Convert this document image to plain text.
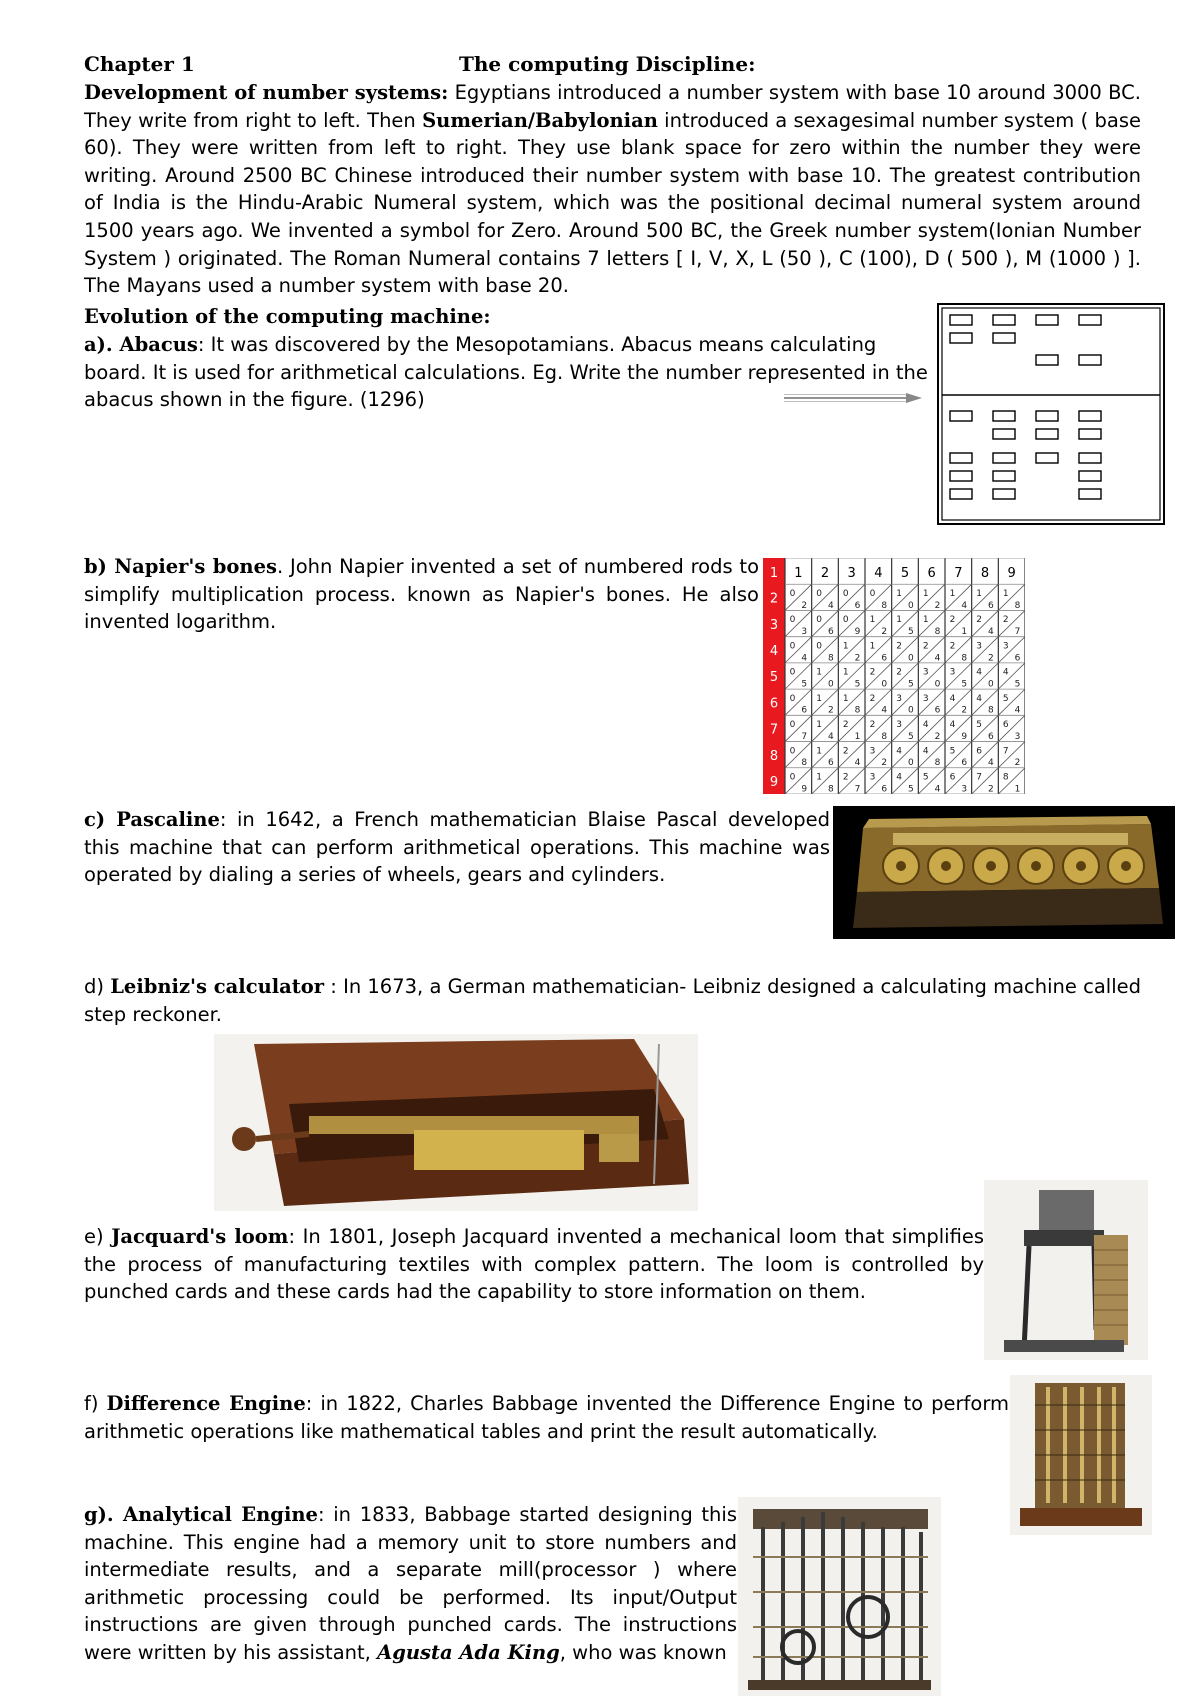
Chapter 1	The computing Discipline:
Development of number systems: Egyptians introduced a number system with base 10 around 3000 BC. They write from right to left. Then Sumerian/Babylonian introduced a sexagesimal number system ( base 60). They were written from left to right. They use blank space for zero within the number they were writing. Around 2500 BC Chinese introduced their number system with base 10. The greatest contribution of India is the Hindu-Arabic Numeral system, which was the positional decimal numeral system around 1500 years ago. We invented a symbol for Zero. Around 500 BC, the Greek number system(Ionian Number System ) originated. The Roman Numeral contains 7 letters [ I, V, X, L (50 ), C (100), D ( 500 ), M (1000 ) ]. The Mayans used a number system with base 20.
Evolution of the computing machine:
a). Abacus: It was discovered by the Mesopotamians. Abacus means calculating board. It is used for arithmetical calculations. Eg. Write the number represented in the abacus shown in the figure. (1296)
b) Napier's bones. John Napier invented a set of numbered rods to simplify multiplication process. known as Napier's bones. He also invented logarithm.
1 1 2 3 4 5 6 7 8 9
2
3
4
5
6
7
8
9
0
2
0
3
0
4
0
5
0
6
0
7
0
8
0
9
0
4
0
6
0
8
1
0
1
2
1
4
1
6
1
8
0
6
0
9
1
2
1
5
1
8
2
1
2
4
2
7
0
8
1
2
1
6
2
0
2
4
2
8
3
2
3
6
1
0
1
5
2
0
2
5
3
0
3
5
4
0
4
5
1
2
1
8
2
4
3
0
3
6
4
2
4
8
5
4
1
4
2
1
2
8
3
5
4
2
4
9
5
6
6
3
1
6
2
4
3
2
4
0
4
8
5
6
6
4
7
2
1
8
2
7
3
6
4
5
5
4
6
3
7
2
8
1
c) Pascaline: in 1642, a French mathematician Blaise Pascal developed this machine that can perform arithmetical operations. This machine was operated by dialing a series of wheels, gears and cylinders.
d) Leibniz's calculator : In 1673, a German mathematician- Leibniz designed a calculating machine called step reckoner.
e) Jacquard's loom: In 1801, Joseph Jacquard invented a mechanical loom that simplifies the process of manufacturing textiles with complex pattern. The loom is controlled by punched cards and these cards had the capability to store information on them.
f) Difference Engine: in 1822, Charles Babbage invented the Difference Engine to perform arithmetic operations like mathematical tables and print the result automatically.
g). Analytical Engine: in 1833, Babbage started designing this machine. This engine had a memory unit to store numbers and intermediate results, and a separate mill(processor ) where arithmetic processing could be performed. Its input/Output instructions are given through punched cards. The instructions were written by his assistant, Agusta Ada King, who was known
